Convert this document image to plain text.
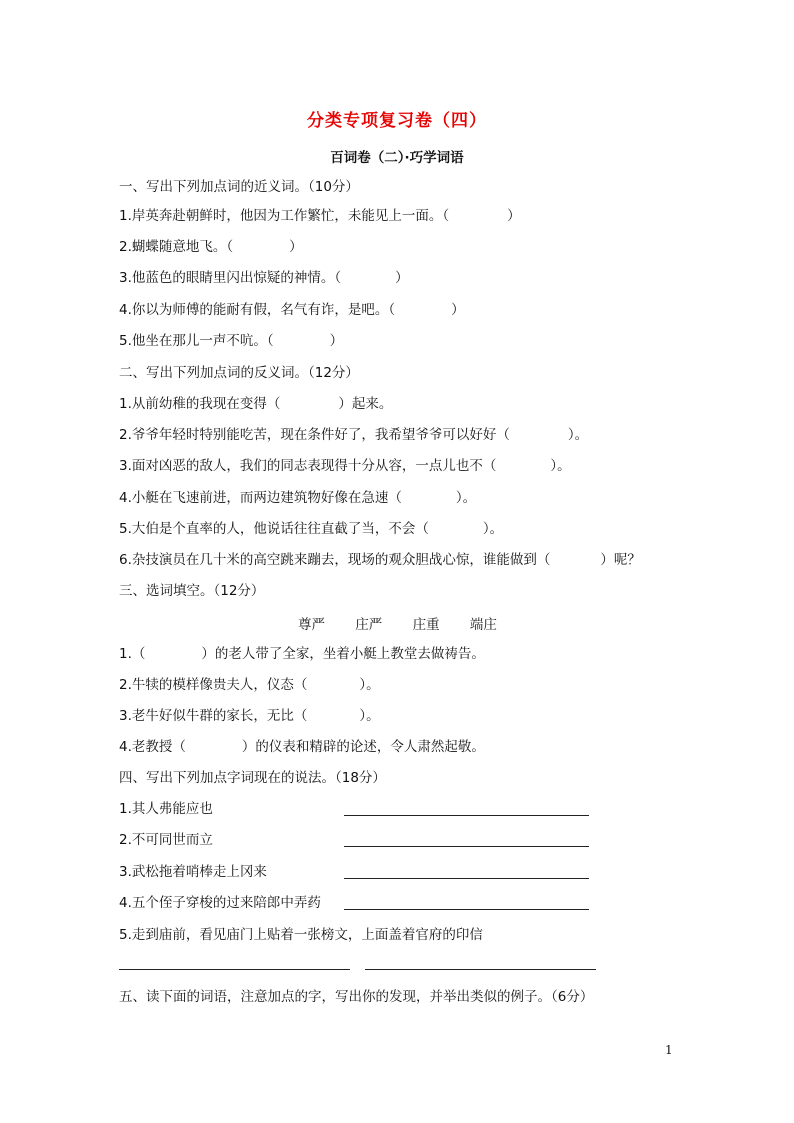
分类专项复习卷（四）
百词卷（二）·巧学词语
一、写出下列加点词的近义词。（10分）
1.岸英奔赴朝鲜时，他因为工作繁忙，未能见上一面。（	）
2.蝴蝶随意地飞。（	）
3.他蓝色的眼睛里闪出惊疑的神情。（	）
4.你以为师傅的能耐有假，名气有诈，是吧。（	）
5.他坐在那儿一声不吭。（	）
二、写出下列加点词的反义词。（12分）
1.从前幼稚的我现在变得（	）起来。
2.爷爷年轻时特别能吃苦，现在条件好了，我希望爷爷可以好好（	）。
3.面对凶恶的敌人，我们的同志表现得十分从容，一点儿也不（	）。
4.小艇在飞速前进，而两边建筑物好像在急速（	）。
5.大伯是个直率的人，他说话往往直截了当，不会（	）。
6.杂技演员在几十米的高空跳来蹦去，现场的观众胆战心惊，谁能做到（	）呢？
三、选词填空。（12分）
尊严 庄严 庄重 端庄
1.（	）的老人带了全家，坐着小艇上教堂去做祷告。
2.牛犊的模样像贵夫人，仪态（	）。
3.老牛好似牛群的家长，无比（	）。
4.老教授（	）的仪表和精辟的论述，令人肃然起敬。
四、写出下列加点字词现在的说法。（18分）
1.其人弗能应也
2.不可同世而立
3.武松拖着哨棒走上冈来
4.五个侄子穿梭的过来陪郎中弄药
5.走到庙前，看见庙门上贴着一张榜文，上面盖着官府的印信
五、读下面的词语，注意加点的字，写出你的发现，并举出类似的例子。（6分）
1
